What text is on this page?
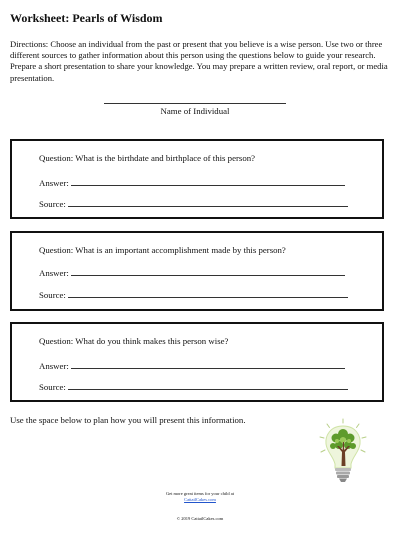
Worksheet: Pearls of Wisdom

Directions: Choose an individual from the past or present that you believe is a wise person. Use two or three different sources to gather information about this person using the questions below to guide your research. Prepare a short presentation to share your knowledge. You may prepare a written review, oral report, or media presentation.

Name of Individual
Question: What is the birthdate and birthplace of this person?
Answer:
Source:
Question: What is an important accomplishment made by this person?
Answer:
Source:
Question: What do you think makes this person wise?
Answer:
Source:

Use the space below to plan how you will present this information.

Get more great items for your child at
CattailCakes.com
© 2019 CattailCakes.com
